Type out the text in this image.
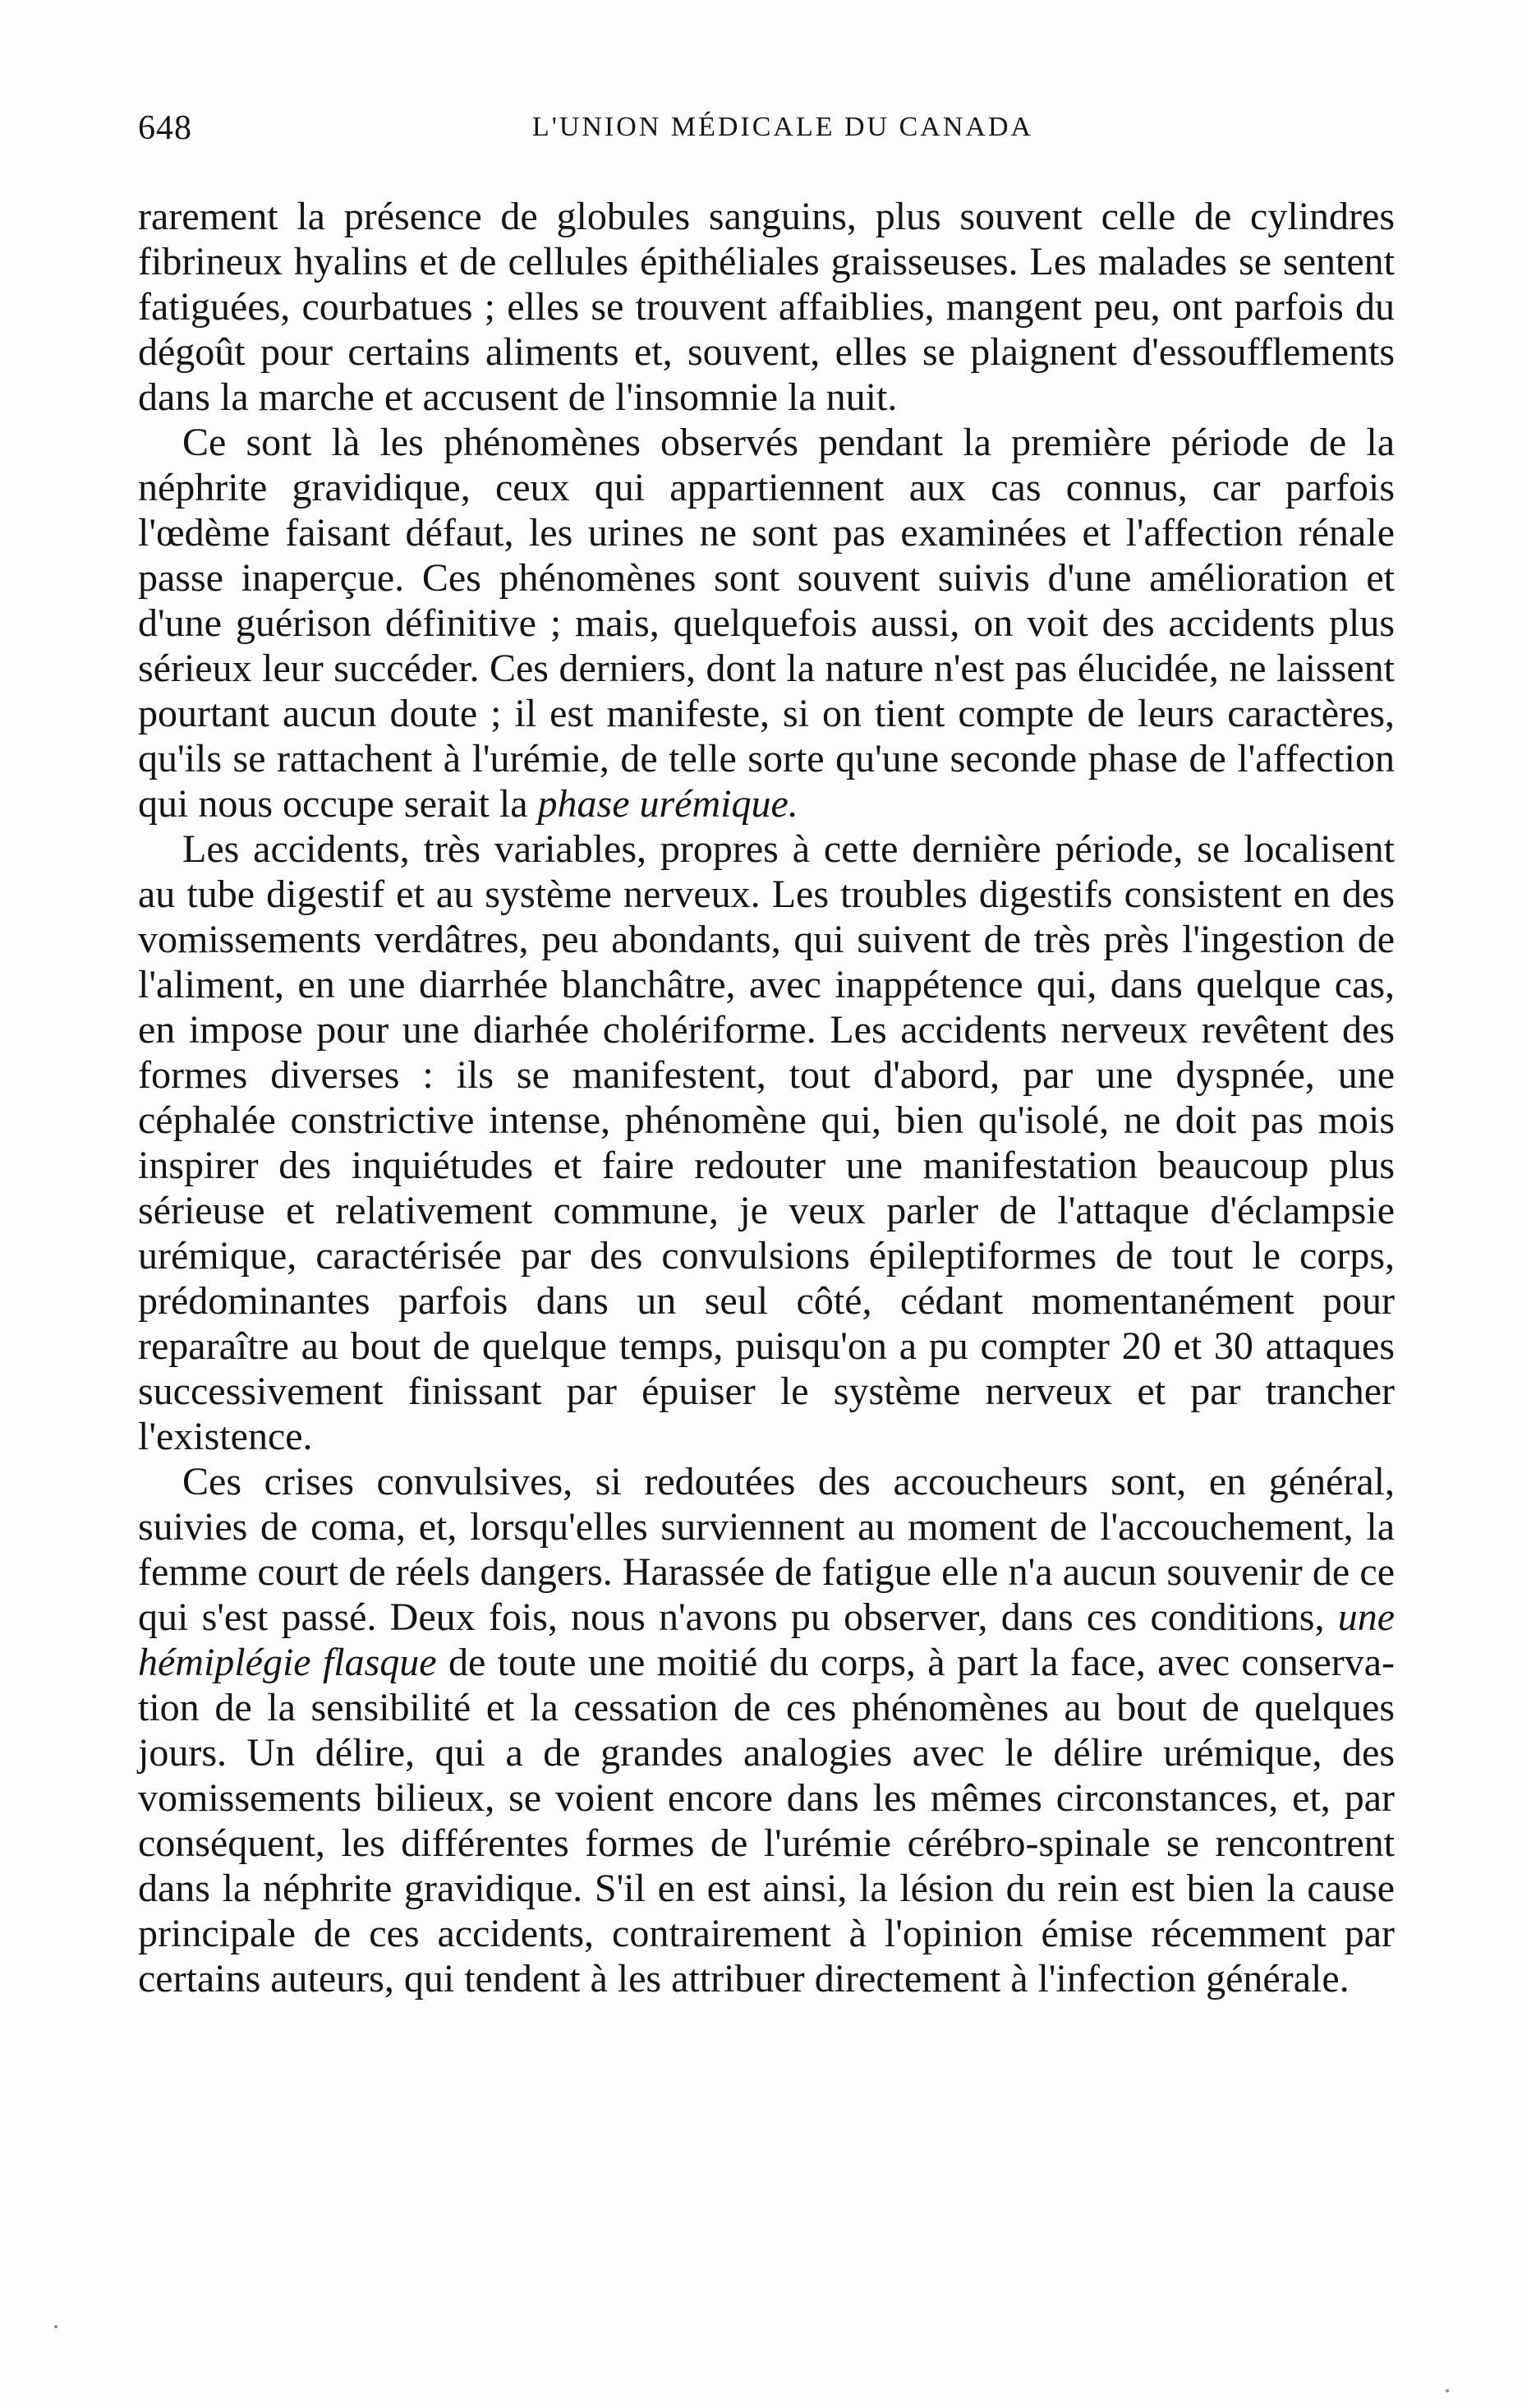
648	L'UNION MÉDICALE DU CANADA

rarement la présence de globules sanguins, plus souvent celle de cylindres fibrineux hyalins et de cellules épithéliales graisseuses. Les malades se sentent fatiguées, courbatues ; elles se trouvent affaiblies, mangent peu, ont parfois du dégoût pour certains aliments et, souvent, elles se plaignent d'essoufflements dans la marche et accusent de l'insomnie la nuit.

Ce sont là les phénomènes observés pendant la première période de la néphrite gravidique, ceux qui appartiennent aux cas connus, car parfois l'œdème faisant défaut, les urines ne sont pas examinées et l'affection rénale passe inaperçue. Ces phénomènes sont souvent suivis d'une amélioration et d'une guérison définitive ; mais, quelquefois aussi, on voit des accidents plus sérieux leur succéder. Ces derniers, dont la nature n'est pas élucidée, ne laissent pourtant aucun doute ; il est manifeste, si on tient compte de leurs caractères, qu'ils se rattachent à l'urémie, de telle sorte qu'une seconde phase de l'affection qui nous occupe serait la phase urémique.

Les accidents, très variables, propres à cette dernière période, se localisent au tube digestif et au système nerveux. Les troubles digestifs consistent en des vomissements verdâtres, peu abondants, qui suivent de très près l'ingestion de l'aliment, en une diarrhée blanchâtre, avec inappétence qui, dans quelque cas, en impose pour une diarhée cholériforme. Les accidents nerveux revêtent des formes diverses : ils se manifestent, tout d'abord, par une dyspnée, une céphalée constrictive intense, phénomène qui, bien qu'isolé, ne doit pas mois inspirer des inquiétudes et faire redouter une manifestation beaucoup plus sérieuse et relativement commune, je veux parler de l'attaque d'éclampsie urémique, caractérisée par des convulsions épileptiformes de tout le corps, prédominantes parfois dans un seul côté, cédant momentanément pour reparaître au bout de quelque temps, puisqu'on a pu compter 20 et 30 attaques successivement finissant par épuiser le système nerveux et par trancher l'existence.

Ces crises convulsives, si redoutées des accoucheurs sont, en général, suivies de coma, et, lorsqu'elles surviennent au moment de l'accouchement, la femme court de réels dangers. Harassée de fatigue elle n'a aucun souvenir de ce qui s'est passé. Deux fois, nous n'avons pu observer, dans ces conditions, une hémiplégie flasque de toute une moitié du corps, à part la face, avec conservation de la sensibilité et la cessation de ces phénomènes au bout de quelques jours. Un délire, qui a de grandes analogies avec le délire urémique, des vomissements bilieux, se voient encore dans les mêmes circonstances, et, par conséquent, les différentes formes de l'urémie cérébro-spinale se rencontrent dans la néphrite gravidique. S'il en est ainsi, la lésion du rein est bien la cause principale de ces accidents, contrairement à l'opinion émise récemment par certains auteurs, qui tendent à les attribuer directement à l'infection générale.
